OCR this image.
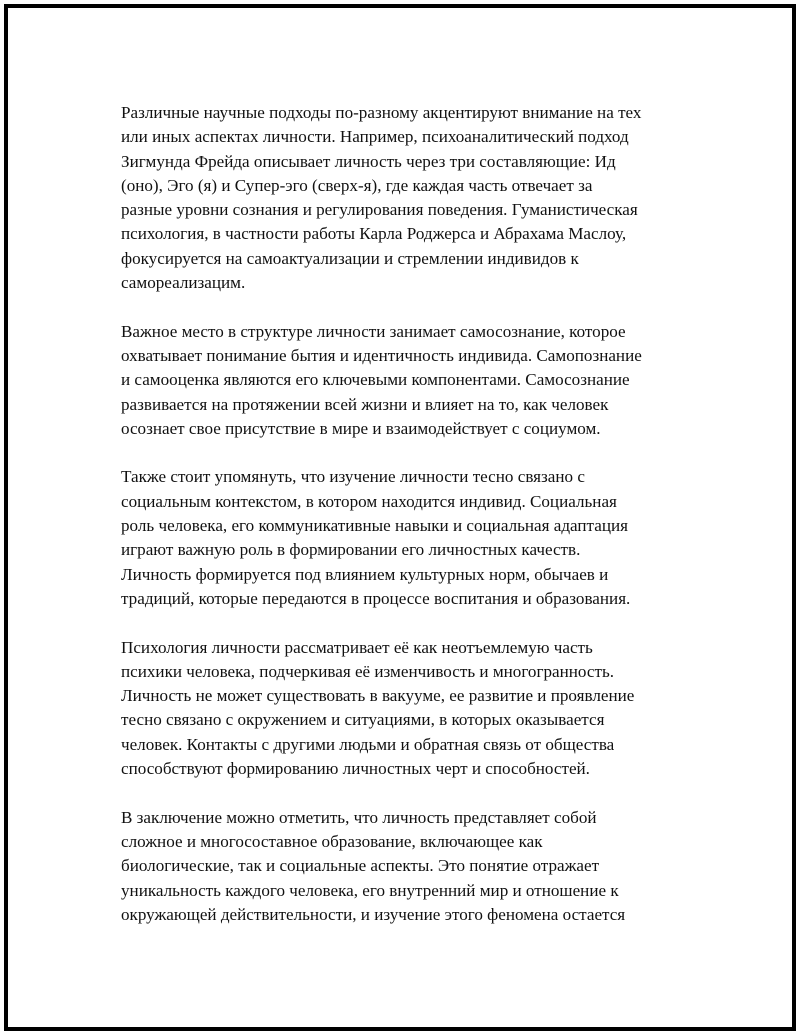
Различные научные подходы по-разному акцентируют внимание на тех
или иных аспектах личности. Например, психоаналитический подход
Зигмунда Фрейда описывает личность через три составляющие: Ид
(оно), Эго (я) и Супер-эго (сверх-я), где каждая часть отвечает за
разные уровни сознания и регулирования поведения. Гуманистическая
психология, в частности работы Карла Роджерса и Абрахама Маслоу,
фокусируется на самоактуализации и стремлении индивидов к
самореализацим.

Важное место в структуре личности занимает самосознание, которое
охватывает понимание бытия и идентичность индивида. Самопознание
и самооценка являются его ключевыми компонентами. Самосознание
развивается на протяжении всей жизни и влияет на то, как человек
осознает свое присутствие в мире и взаимодействует с социумом.

Также стоит упомянуть, что изучение личности тесно связано с
социальным контекстом, в котором находится индивид. Социальная
роль человека, его коммуникативные навыки и социальная адаптация
играют важную роль в формировании его личностных качеств.
Личность формируется под влиянием культурных норм, обычаев и
традиций, которые передаются в процессе воспитания и образования.

Психология личности рассматривает её как неотъемлемую часть
психики человека, подчеркивая её изменчивость и многогранность.
Личность не может существовать в вакууме, ее развитие и проявление
тесно связано с окружением и ситуациями, в которых оказывается
человек. Контакты с другими людьми и обратная связь от общества
способствуют формированию личностных черт и способностей.

В заключение можно отметить, что личность представляет собой
сложное и многосоставное образование, включающее как
биологические, так и социальные аспекты. Это понятие отражает
уникальность каждого человека, его внутренний мир и отношение к
окружающей действительности, и изучение этого феномена остается
